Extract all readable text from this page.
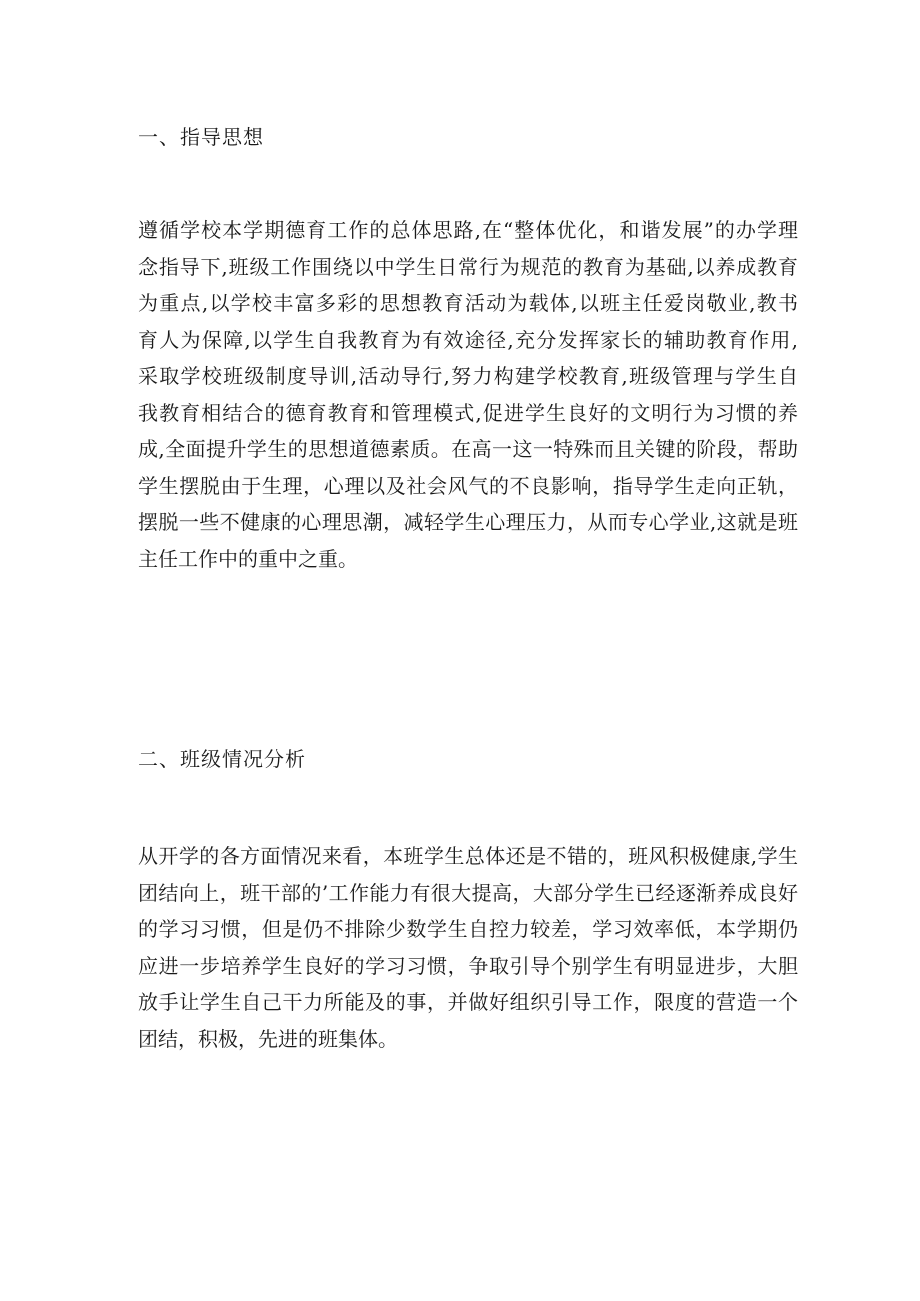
一、指导思想
遵循学校本学期德育工作的总体思路,在“整体优化，和谐发展”的办学理
念指导下,班级工作围绕以中学生日常行为规范的教育为基础,以养成教育
为重点,以学校丰富多彩的思想教育活动为载体,以班主任爱岗敬业,教书
育人为保障,以学生自我教育为有效途径,充分发挥家长的辅助教育作用,
采取学校班级制度导训,活动导行,努力构建学校教育,班级管理与学生自
我教育相结合的德育教育和管理模式,促进学生良好的文明行为习惯的养
成,全面提升学生的思想道德素质。在高一这一特殊而且关键的阶段，帮助
学生摆脱由于生理，心理以及社会风气的不良影响，指导学生走向正轨，
摆脱一些不健康的心理思潮，减轻学生心理压力，从而专心学业,这就是班
主任工作中的重中之重。
二、班级情况分析
从开学的各方面情况来看，本班学生总体还是不错的，班风积极健康,学生
团结向上，班干部的’工作能力有很大提高，大部分学生已经逐渐养成良好
的学习习惯，但是仍不排除少数学生自控力较差，学习效率低，本学期仍
应进一步培养学生良好的学习习惯，争取引导个别学生有明显进步，大胆
放手让学生自己干力所能及的事，并做好组织引导工作，限度的营造一个
团结，积极，先进的班集体。
